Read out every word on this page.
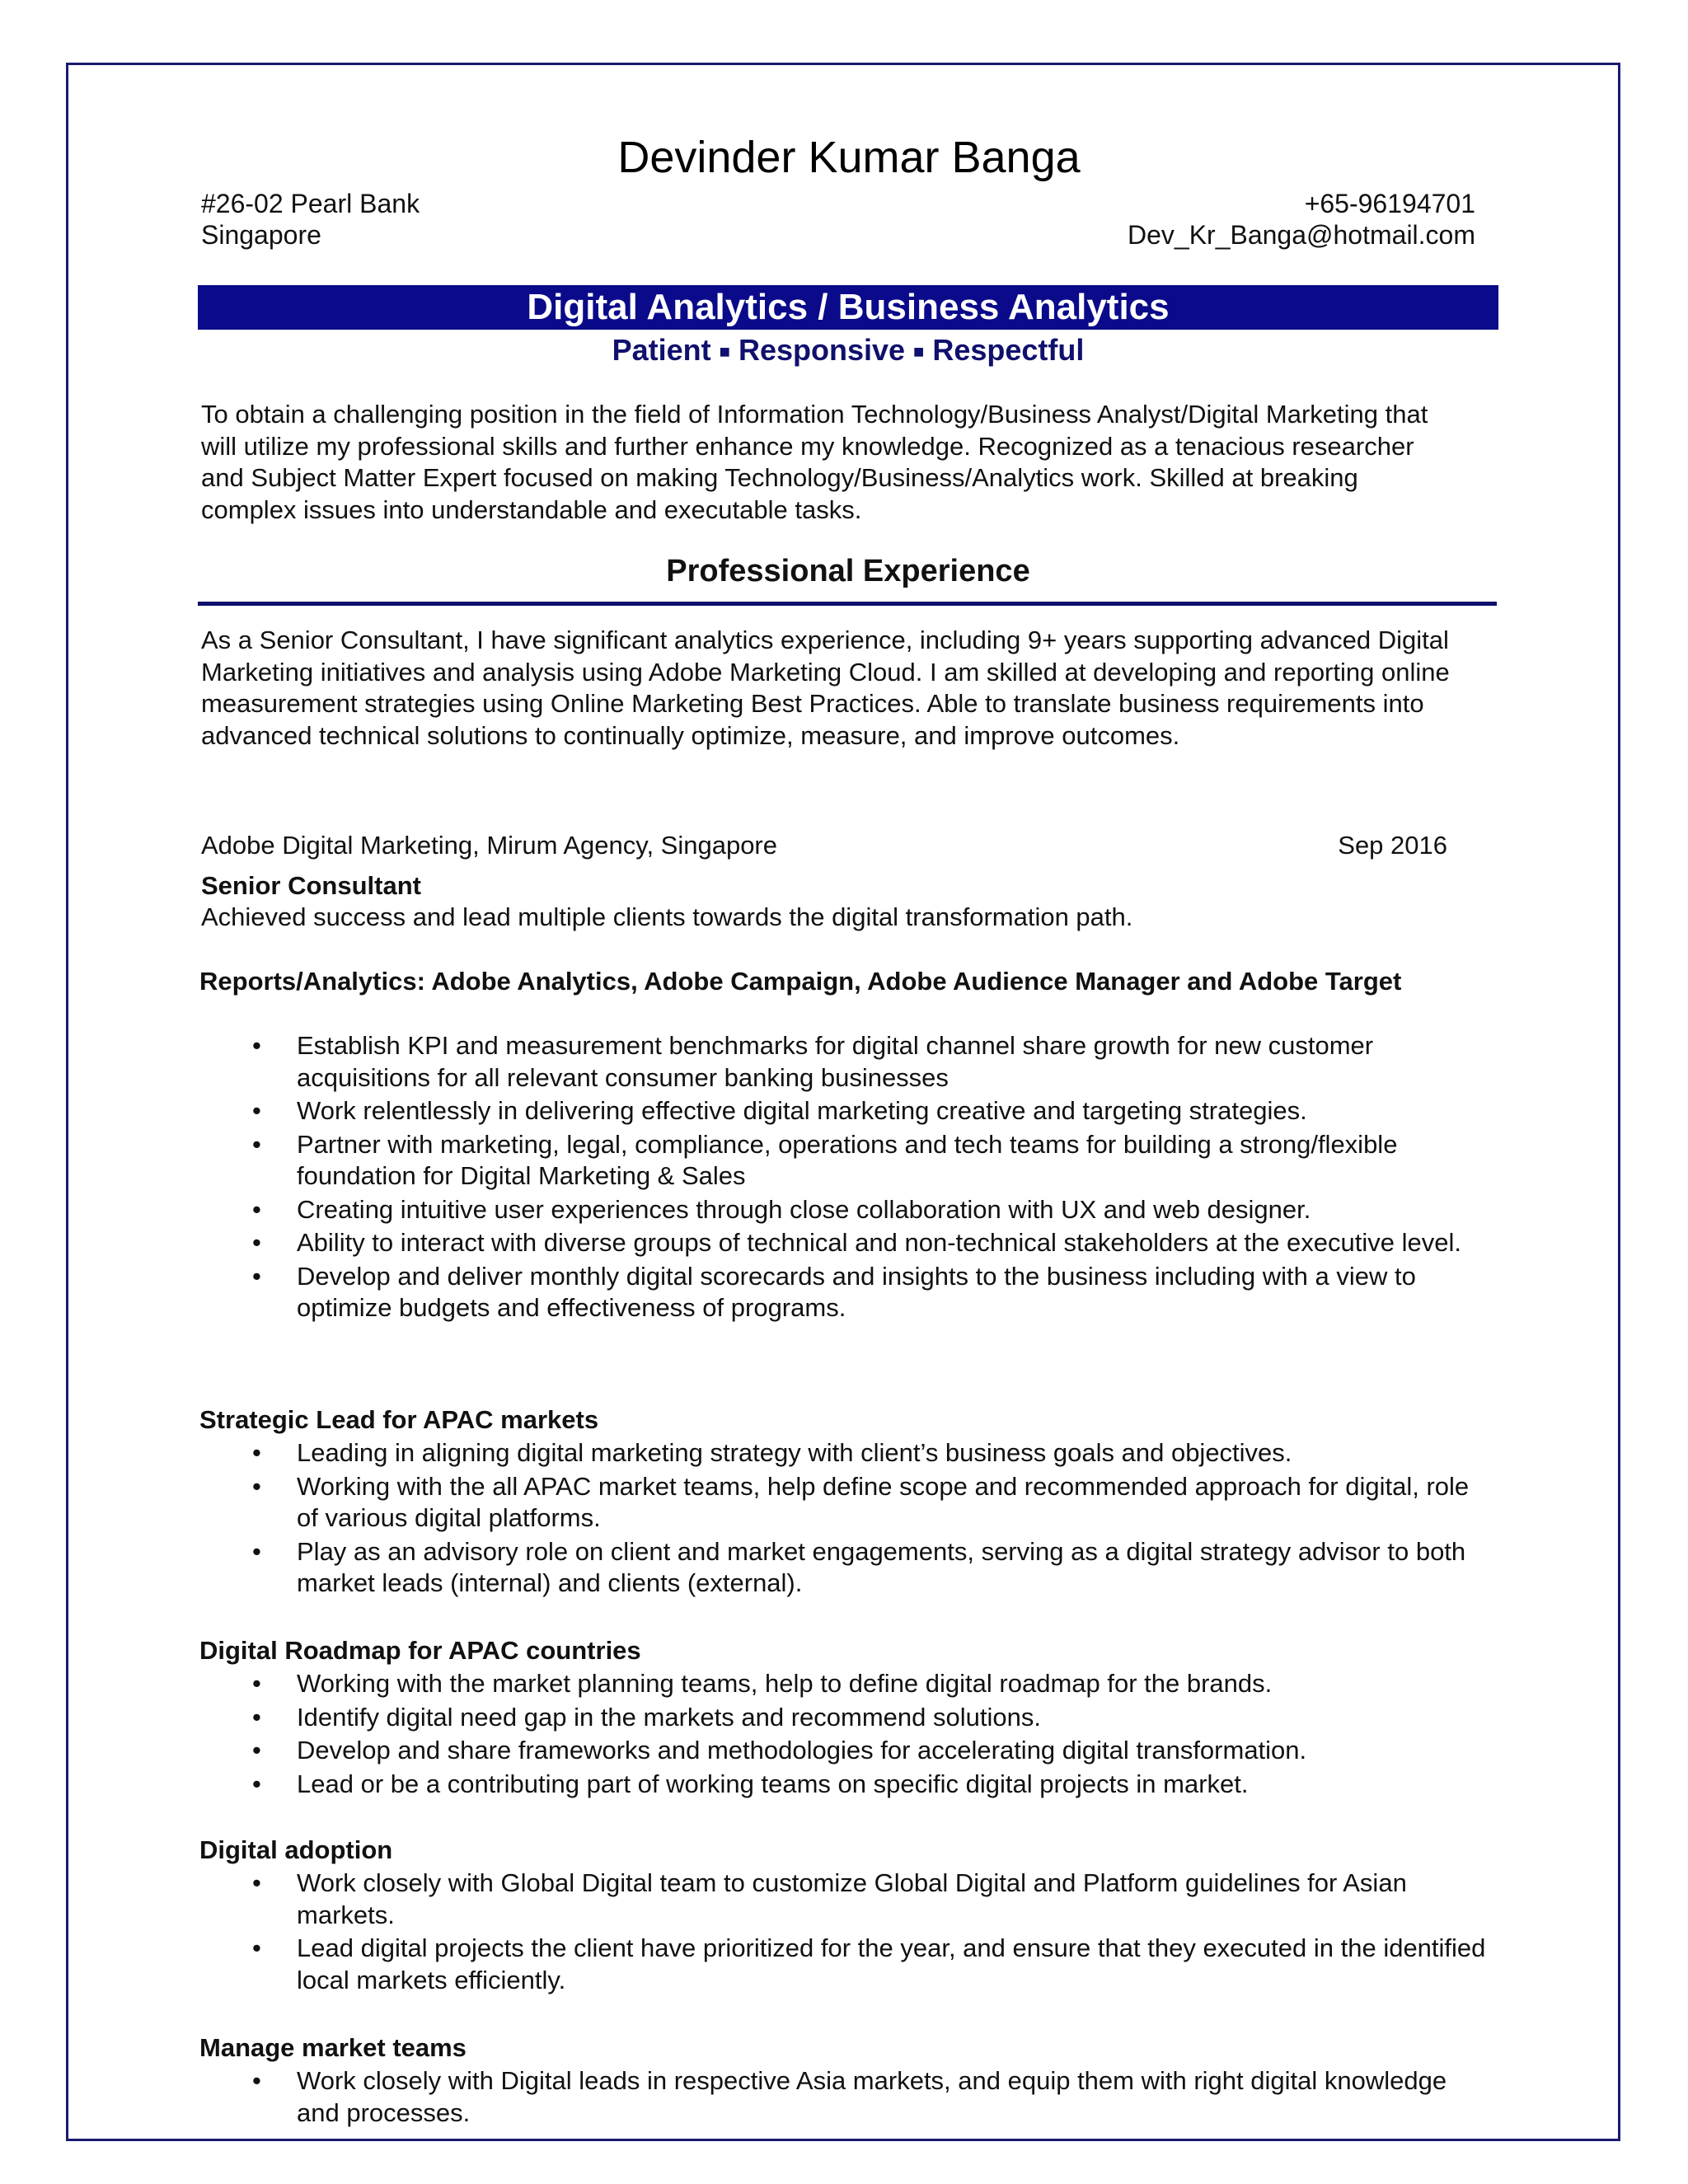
Devinder Kumar Banga
#26-02 Pearl Bank
Singapore
+65-96194701
Dev_Kr_Banga@hotmail.com
Digital Analytics / Business Analytics
Patient ■ Responsive ■ Respectful
To obtain a challenging position in the field of Information Technology/Business Analyst/Digital Marketing that will utilize my professional skills and further enhance my knowledge. Recognized as a tenacious researcher and Subject Matter Expert focused on making Technology/Business/Analytics work. Skilled at breaking complex issues into understandable and executable tasks.
Professional Experience
As a Senior Consultant, I have significant analytics experience, including 9+ years supporting advanced Digital Marketing initiatives and analysis using Adobe Marketing Cloud. I am skilled at developing and reporting online measurement strategies using Online Marketing Best Practices. Able to translate business requirements into advanced technical solutions to continually optimize, measure, and improve outcomes.
Adobe Digital Marketing, Mirum Agency, Singapore	Sep 2016
Senior Consultant
Achieved success and lead multiple clients towards the digital transformation path.
Reports/Analytics: Adobe Analytics, Adobe Campaign, Adobe Audience Manager and Adobe Target
• Establish KPI and measurement benchmarks for digital channel share growth for new customer acquisitions for all relevant consumer banking businesses
• Work relentlessly in delivering effective digital marketing creative and targeting strategies.
• Partner with marketing, legal, compliance, operations and tech teams for building a strong/flexible foundation for Digital Marketing & Sales
• Creating intuitive user experiences through close collaboration with UX and web designer.
• Ability to interact with diverse groups of technical and non-technical stakeholders at the executive level.
• Develop and deliver monthly digital scorecards and insights to the business including with a view to optimize budgets and effectiveness of programs.
Strategic Lead for APAC markets
• Leading in aligning digital marketing strategy with client’s business goals and objectives.
• Working with the all APAC market teams, help define scope and recommended approach for digital, role of various digital platforms.
• Play as an advisory role on client and market engagements, serving as a digital strategy advisor to both market leads (internal) and clients (external).
Digital Roadmap for APAC countries
• Working with the market planning teams, help to define digital roadmap for the brands.
• Identify digital need gap in the markets and recommend solutions.
• Develop and share frameworks and methodologies for accelerating digital transformation.
• Lead or be a contributing part of working teams on specific digital projects in market.
Digital adoption
• Work closely with Global Digital team to customize Global Digital and Platform guidelines for Asian markets.
• Lead digital projects the client have prioritized for the year, and ensure that they executed in the identified local markets efficiently.
Manage market teams
• Work closely with Digital leads in respective Asia markets, and equip them with right digital knowledge and processes.
